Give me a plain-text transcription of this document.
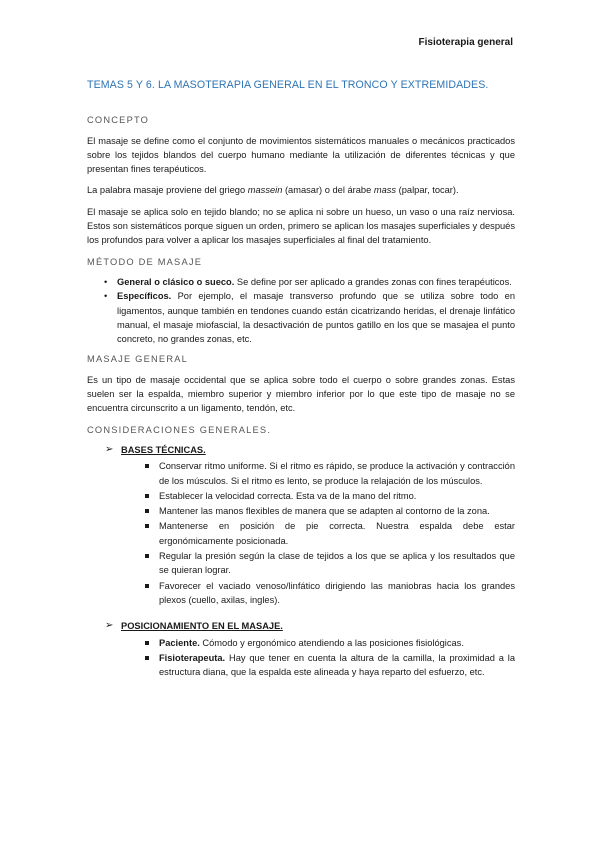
Fisioterapia general
TEMAS 5 Y 6. LA MASOTERAPIA GENERAL EN EL TRONCO Y EXTREMIDADES.
CONCEPTO

El masaje se define como el conjunto de movimientos sistemáticos manuales o mecánicos practicados sobre los tejidos blandos del cuerpo humano mediante la utilización de diferentes técnicas y que presentan fines terapéuticos.

La palabra masaje proviene del griego massein (amasar) o del árabe mass (palpar, tocar).

El masaje se aplica solo en tejido blando; no se aplica ni sobre un hueso, un vaso o una raíz nerviosa. Estos son sistemáticos porque siguen un orden, primero se aplican los masajes superficiales y después los profundos para volver a aplicar los masajes superficiales al final del tratamiento.

MÉTODO DE MASAJE
• General o clásico o sueco. Se define por ser aplicado a grandes zonas con fines terapéuticos.
• Específicos. Por ejemplo, el masaje transverso profundo que se utiliza sobre todo en ligamentos, aunque también en tendones cuando están cicatrizando heridas, el drenaje linfático manual, el masaje miofascial, la desactivación de puntos gatillo en los que se masajea el punto concreto, no grandes zonas, etc.
MASAJE GENERAL

Es un tipo de masaje occidental que se aplica sobre todo el cuerpo o sobre grandes zonas. Estas suelen ser la espalda, miembro superior y miembro inferior por lo que este tipo de masaje no se encuentra circunscrito a un ligamento, tendón, etc.

CONSIDERACIONES GENERALES.
➢ BASES TÉCNICAS.
Conservar ritmo uniforme. Si el ritmo es rápido, se produce la activación y contracción de los músculos. Si el ritmo es lento, se produce la relajación de los músculos.
Establecer la velocidad correcta. Esta va de la mano del ritmo.
Mantener las manos flexibles de manera que se adapten al contorno de la zona.
Mantenerse en posición de pie correcta. Nuestra espalda debe estar ergonómicamente posicionada.
Regular la presión según la clase de tejidos a los que se aplica y los resultados que se quieran lograr.
Favorecer el vaciado venoso/linfático dirigiendo las maniobras hacia los grandes plexos (cuello, axilas, ingles).
➢ POSICIONAMIENTO EN EL MASAJE.
Paciente. Cómodo y ergonómico atendiendo a las posiciones fisiológicas.
Fisioterapeuta. Hay que tener en cuenta la altura de la camilla, la proximidad a la estructura diana, que la espalda este alineada y haya reparto del esfuerzo, etc.
